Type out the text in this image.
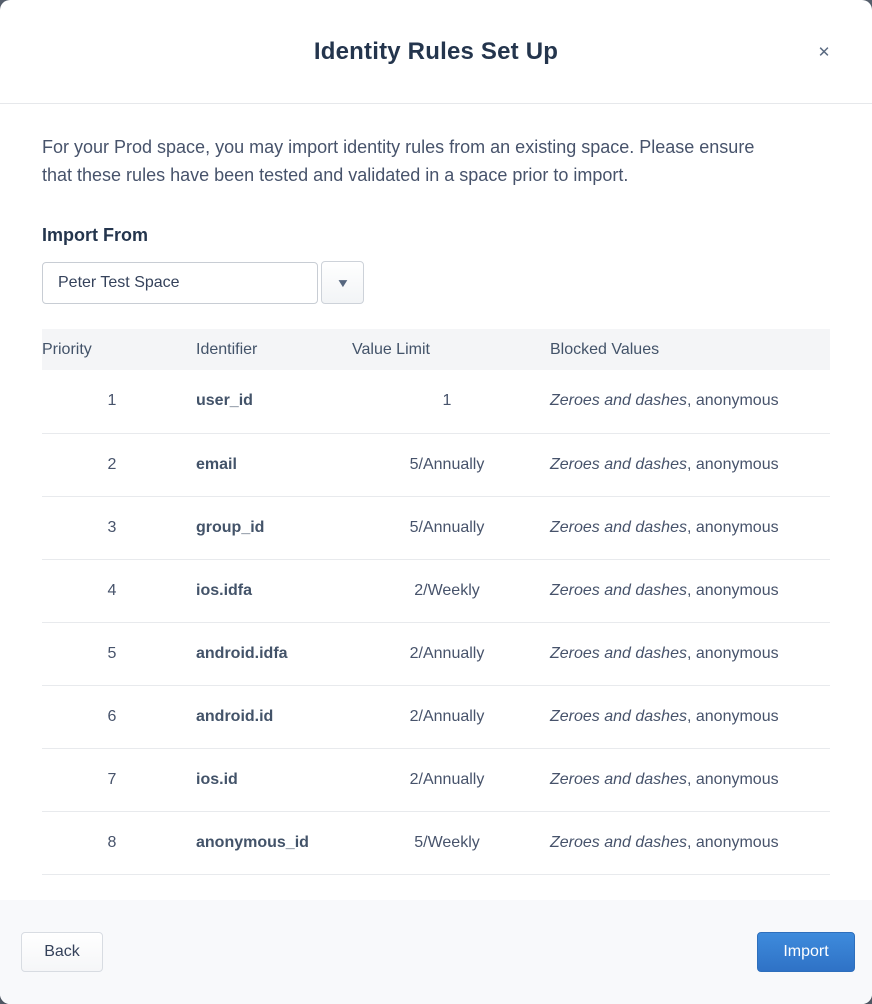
Identity Rules Set Up	✕

For your Prod space, you may import identity rules from an existing space. Please ensure that these rules have been tested and validated in a space prior to import.

Import From
Peter Test Space
▼
Priority	Identifier	Value Limit	Blocked Values
1	user_id	1	Zeroes and dashes, anonymous
2	email	5/Annually	Zeroes and dashes, anonymous
3	group_id	5/Annually	Zeroes and dashes, anonymous
4	ios.idfa	2/Weekly	Zeroes and dashes, anonymous
5	android.idfa	2/Annually	Zeroes and dashes, anonymous
6	android.id	2/Annually	Zeroes and dashes, anonymous
7	ios.id	2/Annually	Zeroes and dashes, anonymous
8	anonymous_id	5/Weekly	Zeroes and dashes, anonymous
Back	Import
